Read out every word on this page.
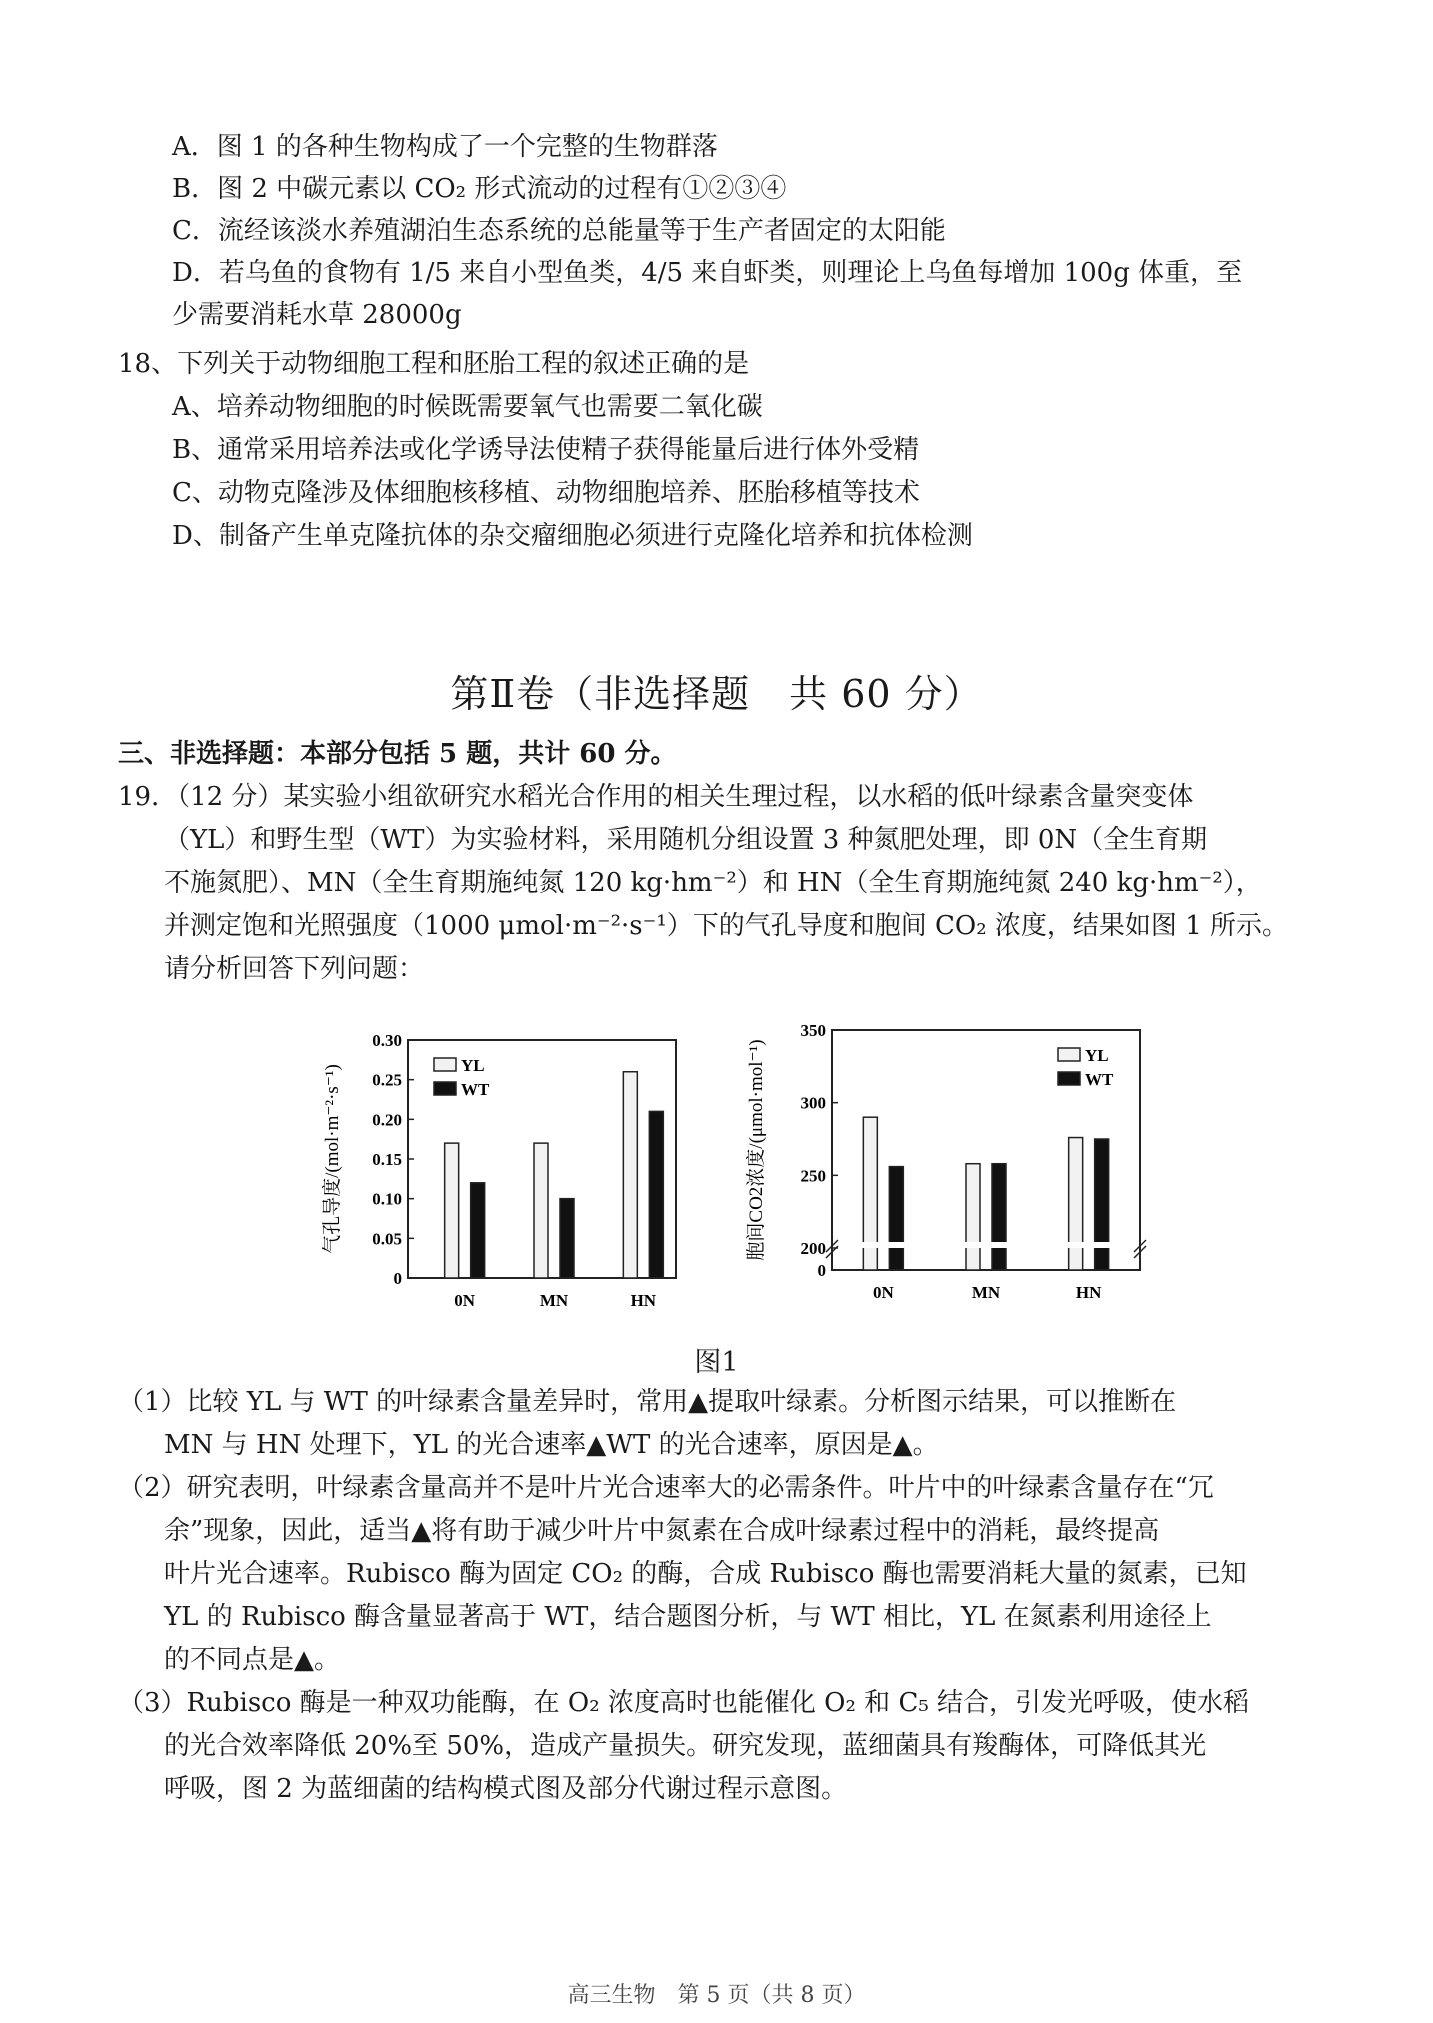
A．图 1 的各种生物构成了一个完整的生物群落
B．图 2 中碳元素以 CO₂ 形式流动的过程有①②③④
C．流经该淡水养殖湖泊生态系统的总能量等于生产者固定的太阳能
D．若乌鱼的食物有 1/5 来自小型鱼类，4/5 来自虾类，则理论上乌鱼每增加 100g 体重，至
少需要消耗水草 28000g
18、下列关于动物细胞工程和胚胎工程的叙述正确的是
A、培养动物细胞的时候既需要氧气也需要二氧化碳
B、通常采用培养法或化学诱导法使精子获得能量后进行体外受精
C、动物克隆涉及体细胞核移植、动物细胞培养、胚胎移植等技术
D、制备产生单克隆抗体的杂交瘤细胞必须进行克隆化培养和抗体检测
第Ⅱ卷（非选择题　共 60 分）
三、非选择题：本部分包括 5 题，共计 60 分。
19．（12 分）某实验小组欲研究水稻光合作用的相关生理过程，以水稻的低叶绿素含量突变体
（YL）和野生型（WT）为实验材料，采用随机分组设置 3 种氮肥处理，即 0N（全生育期
不施氮肥）、MN（全生育期施纯氮 120 kg·hm⁻²）和 HN（全生育期施纯氮 240 kg·hm⁻²），
并测定饱和光照强度（1000 μmol·m⁻²·s⁻¹）下的气孔导度和胞间 CO₂ 浓度，结果如图 1 所示。
请分析回答下列问题：
0.30
0.25
0.20
0.15
0.10
0.05
0
气孔导度/(mol·m⁻²·s⁻¹)
0N	MN	HN
YL
WT
350
300
250
200
0
胞间CO2浓度/(μmol·mol⁻¹)
0N	MN	HN
YL
WT
图1
（1）比较 YL 与 WT 的叶绿素含量差异时，常用▲提取叶绿素。分析图示结果，可以推断在
MN 与 HN 处理下，YL 的光合速率▲WT 的光合速率，原因是▲。
（2）研究表明，叶绿素含量高并不是叶片光合速率大的必需条件。叶片中的叶绿素含量存在“冗
余”现象，因此，适当▲将有助于减少叶片中氮素在合成叶绿素过程中的消耗，最终提高
叶片光合速率。Rubisco 酶为固定 CO₂ 的酶，合成 Rubisco 酶也需要消耗大量的氮素，已知
YL 的 Rubisco 酶含量显著高于 WT，结合题图分析，与 WT 相比，YL 在氮素利用途径上
的不同点是▲。
（3）Rubisco 酶是一种双功能酶，在 O₂ 浓度高时也能催化 O₂ 和 C₅ 结合，引发光呼吸，使水稻
的光合效率降低 20%至 50%，造成产量损失。研究发现，蓝细菌具有羧酶体，可降低其光
呼吸，图 2 为蓝细菌的结构模式图及部分代谢过程示意图。
高三生物　第 5 页（共 8 页）
